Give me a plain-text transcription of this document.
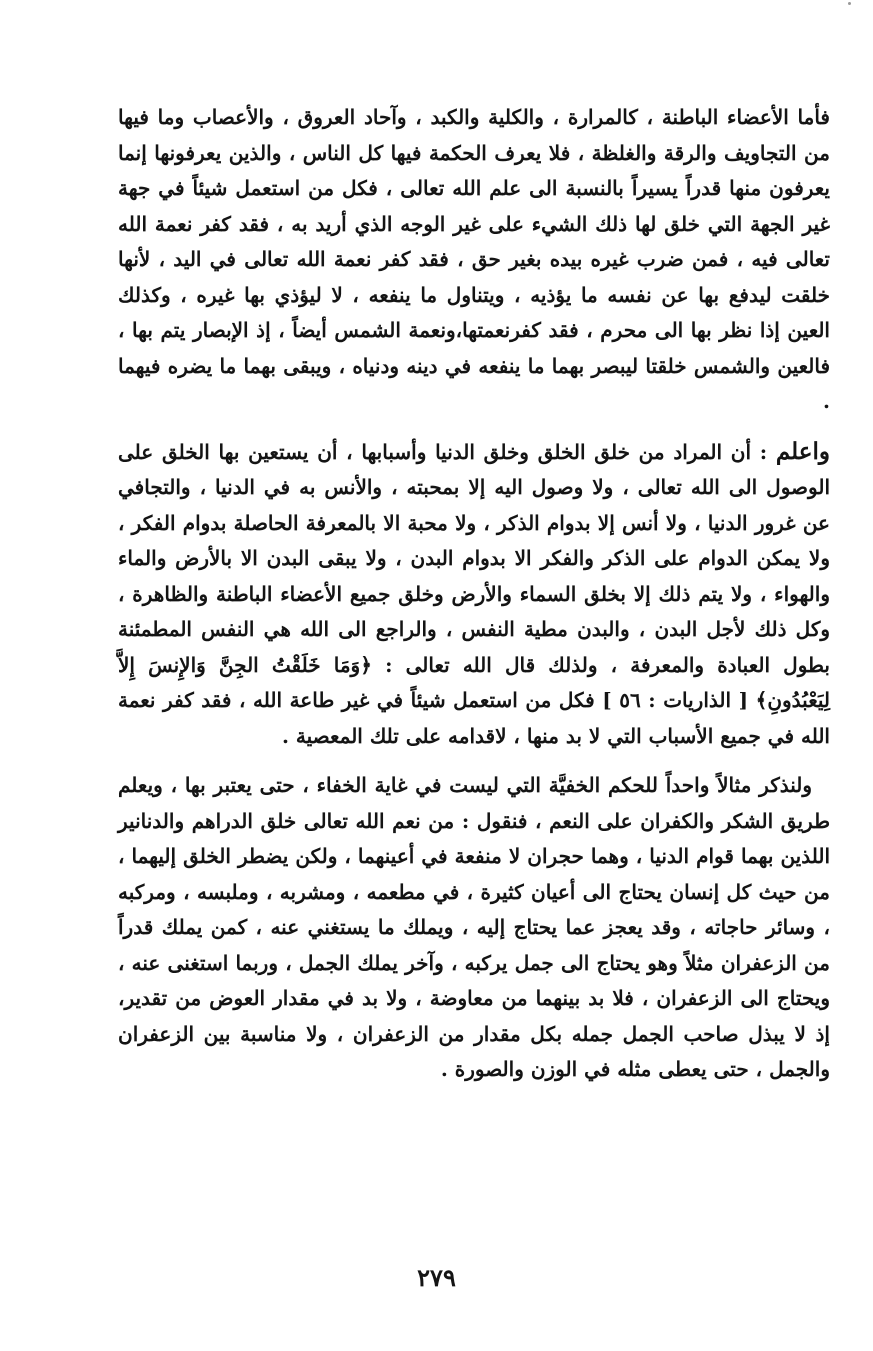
فأما الأعضاء الباطنة ، كالمرارة ، والكلية والكبد ، وآحاد العروق ، والأعصاب وما فيها من التجاويف والرقة والغلظة ، فلا يعرف الحكمة فيها كل الناس ، والذين يعرفونها إنما يعرفون منها قدراً يسيراً بالنسبة الى علم الله تعالى ، فكل من استعمل شيئاً في جهة غير الجهة التي خلق لها ذلك الشيء على غير الوجه الذي أريد به ، فقد كفر نعمة الله تعالى فيه ، فمن ضرب غيره بيده بغير حق ، فقد كفر نعمة الله تعالى في اليد ، لأنها خلقت ليدفع بها عن نفسه ما يؤذيه ، ويتناول ما ينفعه ، لا ليؤذي بها غيره ، وكذلك العين إذا نظر بها الى محرم ، فقد كفرنعمتها،ونعمة الشمس أيضاً ، إذ الإبصار يتم بها ، فالعين والشمس خلقتا ليبصر بهما ما ينفعه في دينه ودنياه ، ويبقى بهما ما يضره فيهما .

واعلم : أن المراد من خلق الخلق وخلق الدنيا وأسبابها ، أن يستعين بها الخلق على الوصول الى الله تعالى ، ولا وصول اليه إلا بمحبته ، والأنس به في الدنيا ، والتجافي عن غرور الدنيا ، ولا أنس إلا بدوام الذكر ، ولا محبة الا بالمعرفة الحاصلة بدوام الفكر ، ولا يمكن الدوام على الذكر والفكر الا بدوام البدن ، ولا يبقى البدن الا بالأرض والماء والهواء ، ولا يتم ذلك إلا بخلق السماء والأرض وخلق جميع الأعضاء الباطنة والظاهرة ، وكل ذلك لأجل البدن ، والبدن مطية النفس ، والراجع الى الله هي النفس المطمئنة بطول العبادة والمعرفة ، ولذلك قال الله تعالى : ﴿وَمَا خَلَقْتُ الجِنَّ وَالإِنسَ إِلاَّ لِيَعْبُدُونِ﴾ [ الذاريات : ٥٦ ] فكل من استعمل شيئاً في غير طاعة الله ، فقد كفر نعمة الله في جميع الأسباب التي لا بد منها ، لاقدامه على تلك المعصية .

ولنذكر مثالاً واحداً للحكم الخفيَّة التي ليست في غاية الخفاء ، حتى يعتبر بها ، ويعلم طريق الشكر والكفران على النعم ، فنقول : من نعم الله تعالى خلق الدراهم والدنانير اللذين بهما قوام الدنيا ، وهما حجران لا منفعة في أعينهما ، ولكن يضطر الخلق إليهما ، من حيث كل إنسان يحتاج الى أعيان كثيرة ، في مطعمه ، ومشربه ، وملبسه ، ومركبه ، وسائر حاجاته ، وقد يعجز عما يحتاج إليه ، ويملك ما يستغني عنه ، كمن يملك قدراً من الزعفران مثلاً وهو يحتاج الى جمل يركبه ، وآخر يملك الجمل ، وربما استغنى عنه ، ويحتاج الى الزعفران ، فلا بد بينهما من معاوضة ، ولا بد في مقدار العوض من تقدير، إذ لا يبذل صاحب الجمل جمله بكل مقدار من الزعفران ، ولا مناسبة بين الزعفران والجمل ، حتى يعطى مثله في الوزن والصورة .

٢٧٩
